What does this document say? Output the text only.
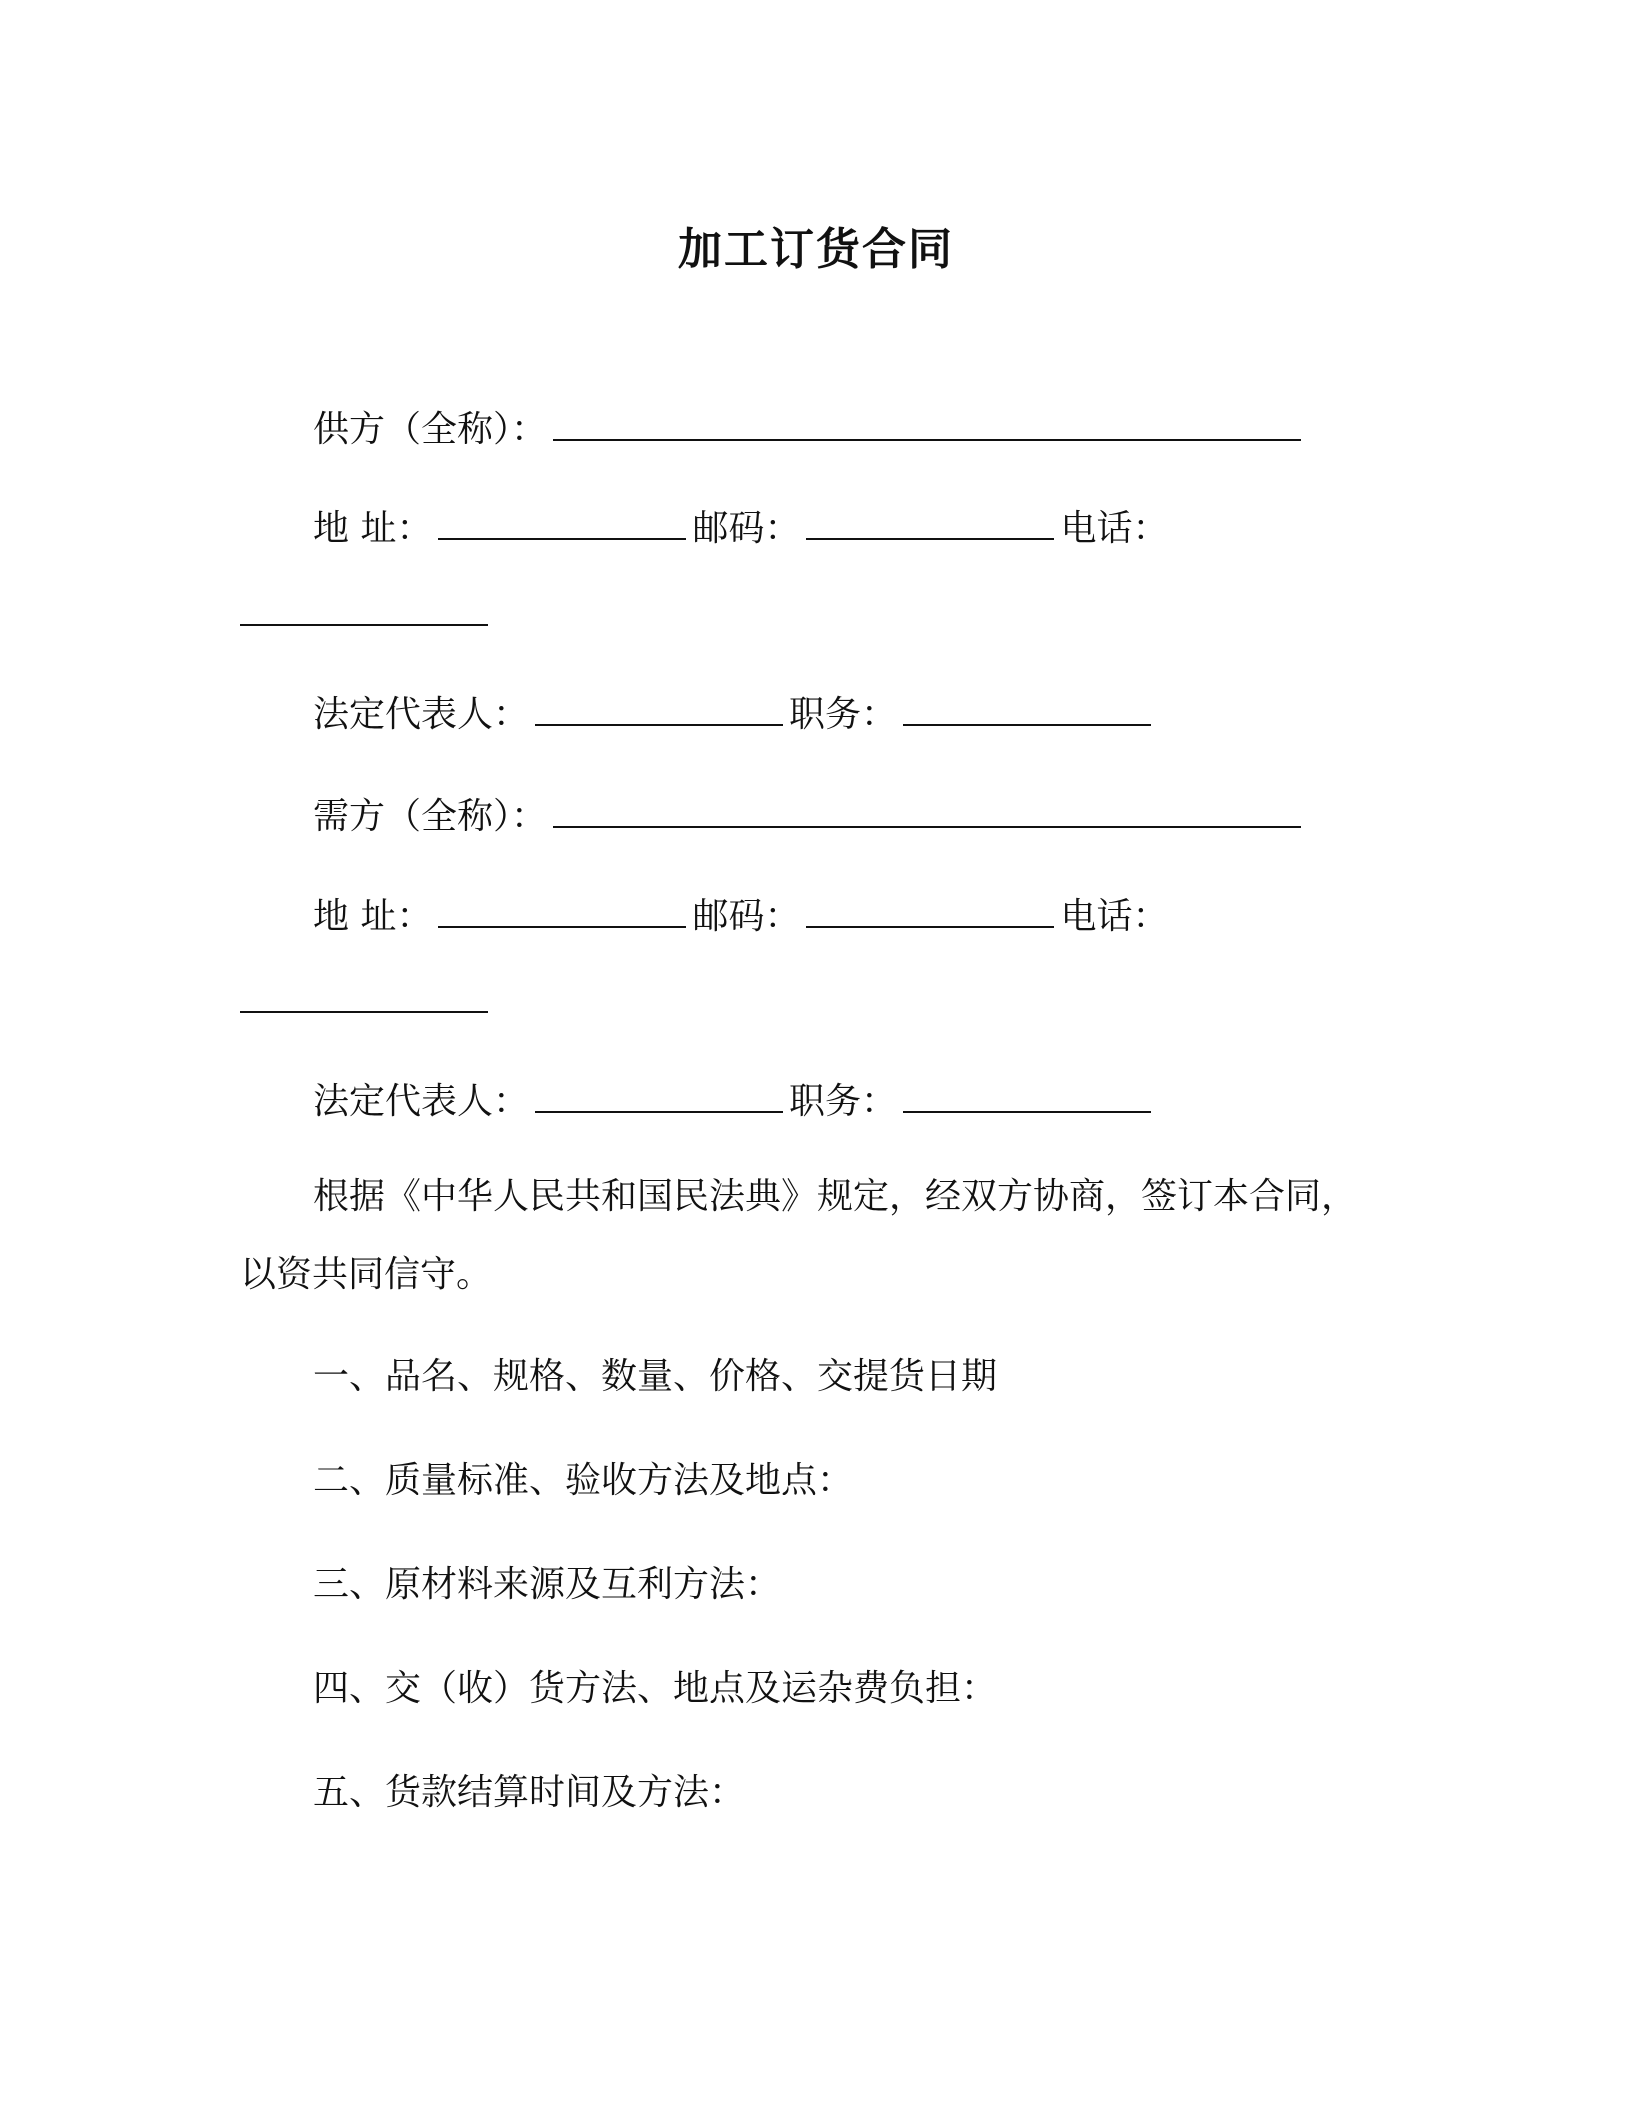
加工订货合同
供方（全称）：
地 址：	邮码：	电话：
法定代表人：	职务：
需方（全称）：
地 址：	邮码：	电话：
法定代表人：	职务：
根据《中华人民共和国民法典》规定，经双方协商，签订本合同，
以资共同信守。
一、品名、规格、数量、价格、交提货日期
二、质量标准、验收方法及地点：
三、原材料来源及互利方法：
四、交（收）货方法、地点及运杂费负担：
五、货款结算时间及方法：
